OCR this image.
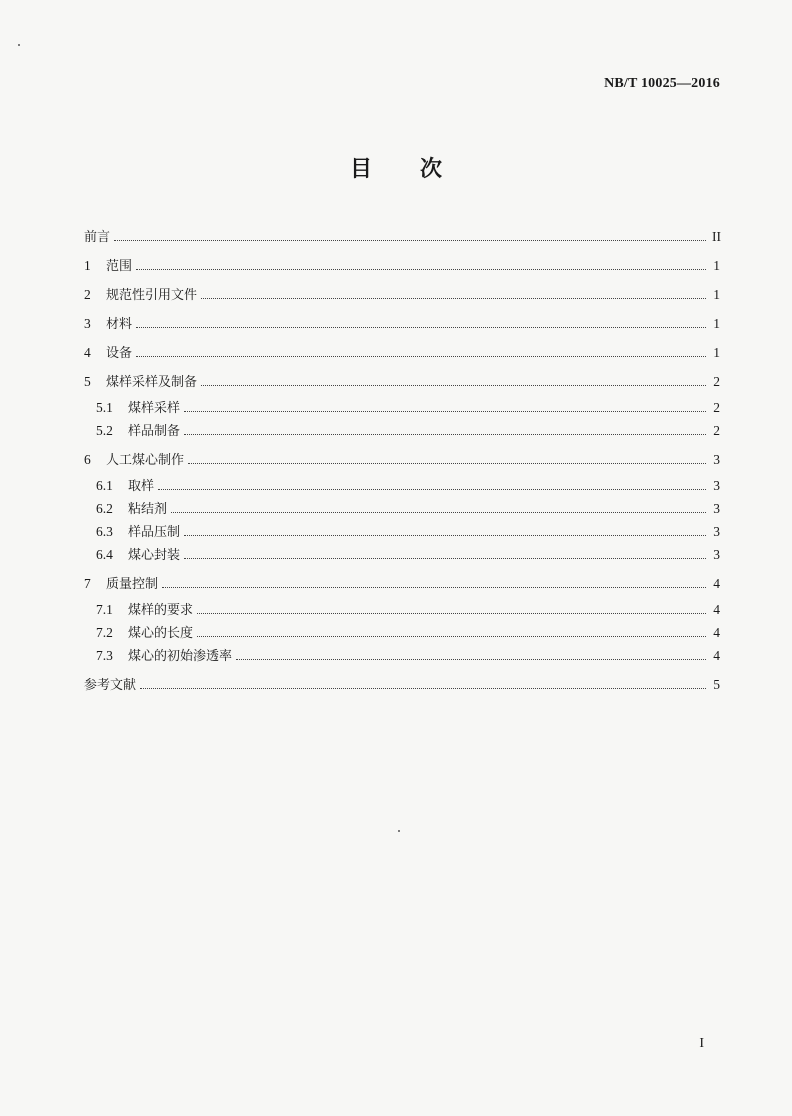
NB/T 10025—2016
目次
前言	II
1	范围	1
2	规范性引用文件	1
3	材料	1
4	设备	1
5	煤样采样及制备	2
5.1	煤样采样	2
5.2	样品制备	2
6	人工煤心制作	3
6.1	取样	3
6.2	粘结剂	3
6.3	样品压制	3
6.4	煤心封装	3
7	质量控制	4
7.1	煤样的要求	4
7.2	煤心的长度	4
7.3	煤心的初始渗透率	4
参考文献	5
I
